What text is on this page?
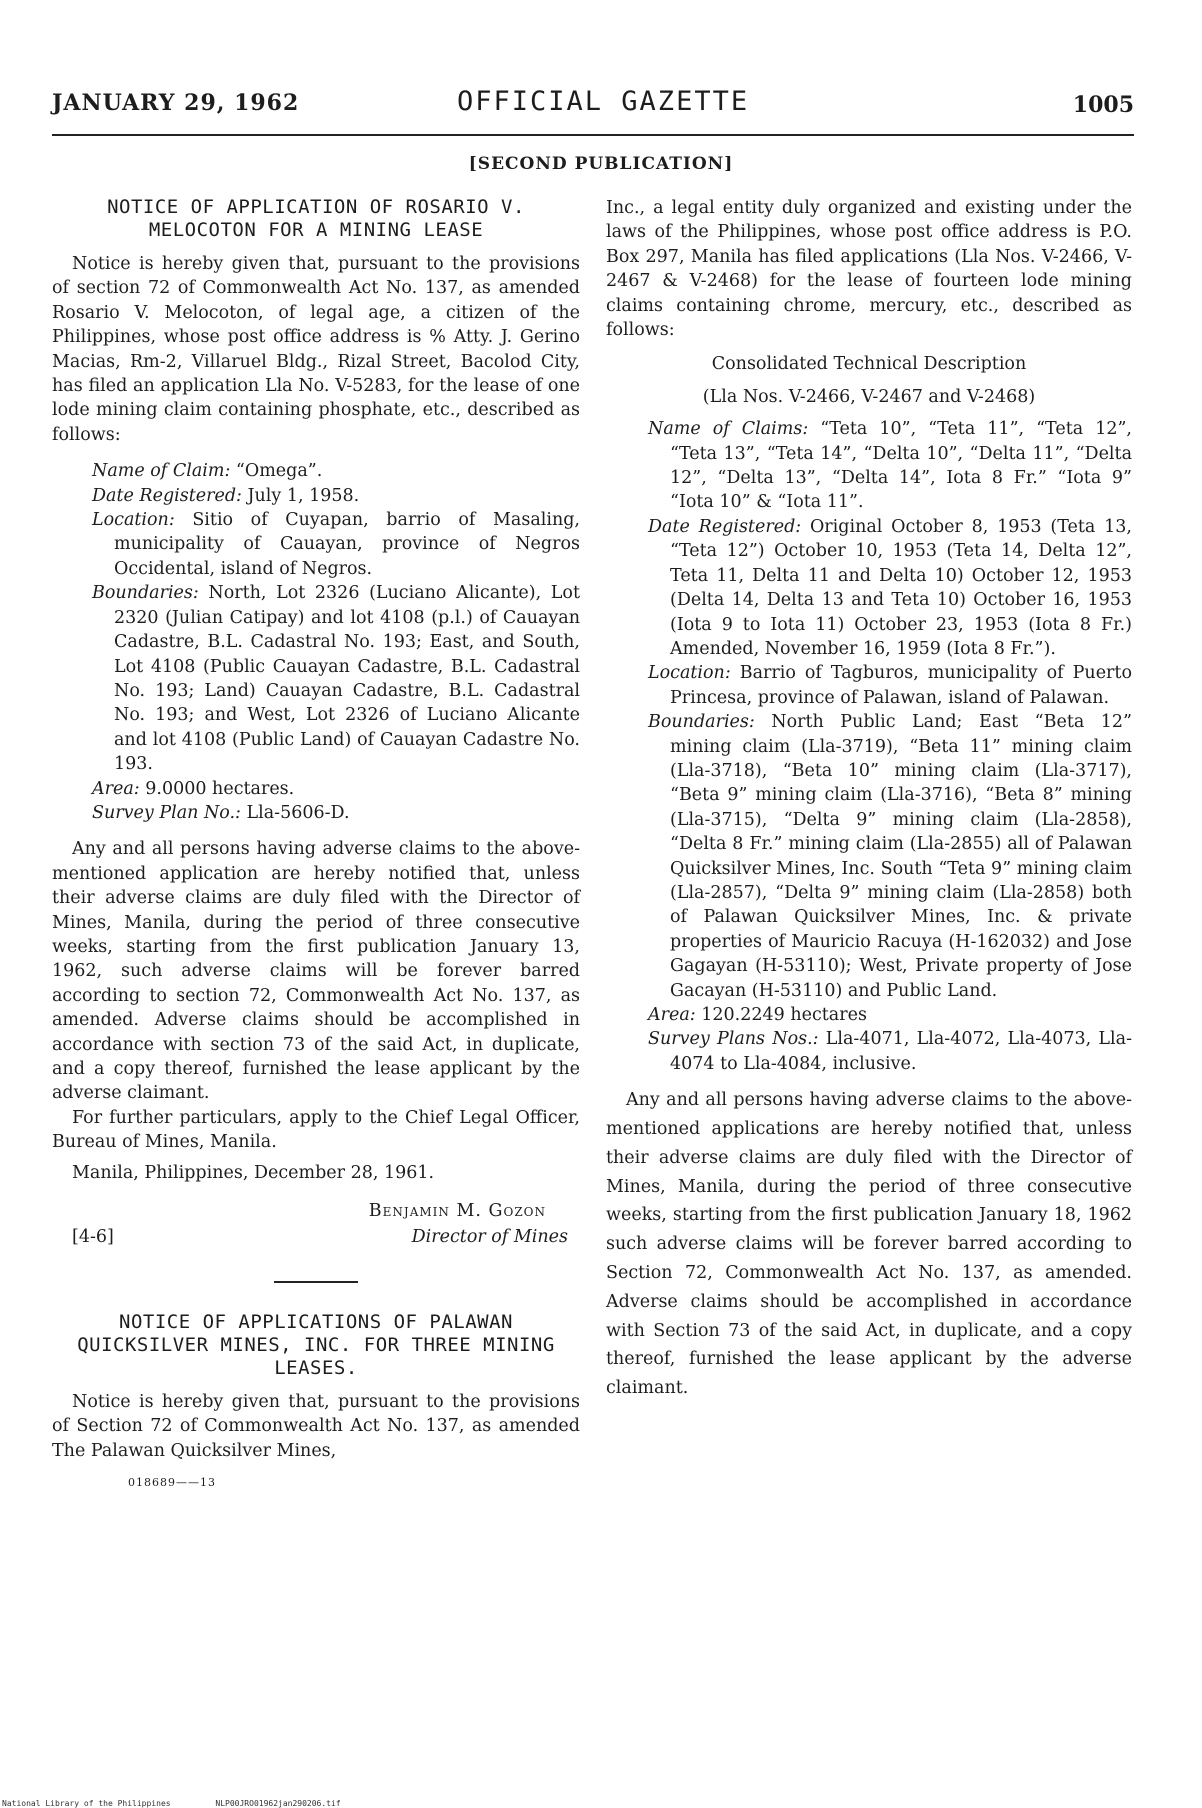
JANUARY 29, 1962	OFFICIAL GAZETTE	1005
[SECOND PUBLICATION]
NOTICE OF APPLICATION OF ROSARIO V. MELOCOTON FOR A MINING LEASE

Notice is hereby given that, pursuant to the provisions of section 72 of Commonwealth Act No. 137, as amended Rosario V. Melocoton, of legal age, a citizen of the Philippines, whose post office address is % Atty. J. Gerino Macias, Rm-2, Villaruel Bldg., Rizal Street, Bacolod City, has filed an application Lla No. V-5283, for the lease of one lode mining claim containing phosphate, etc., described as follows:

Name of Claim: “Omega”.
Date Registered: July 1, 1958.
Location: Sitio of Cuyapan, barrio of Masaling, municipality of Cauayan, province of Negros Occidental, island of Negros.
Boundaries: North, Lot 2326 (Luciano Alicante), Lot 2320 (Julian Catipay) and lot 4108 (p.l.) of Cauayan Cadastre, B.L. Cadastral No. 193; East, and South, Lot 4108 (Public Cauayan Cadastre, B.L. Cadastral No. 193; Land) Cauayan Cadastre, B.L. Cadastral No. 193; and West, Lot 2326 of Luciano Alicante and lot 4108 (Public Land) of Cauayan Cadastre No. 193.
Area: 9.0000 hectares.
Survey Plan No.: Lla-5606-D.

Any and all persons having adverse claims to the above-mentioned application are hereby notified that, unless their adverse claims are duly filed with the Director of Mines, Manila, during the period of three consecutive weeks, starting from the first publication January 13, 1962, such adverse claims will be forever barred according to section 72, Commonwealth Act No. 137, as amended. Adverse claims should be accomplished in accordance with section 73 of the said Act, in duplicate, and a copy thereof, furnished the lease applicant by the adverse claimant.

For further particulars, apply to the Chief Legal Officer, Bureau of Mines, Manila.

Manila, Philippines, December 28, 1961.

Benjamin M. Gozon
[4-6]	Director of Mines
NOTICE OF APPLICATIONS OF PALAWAN QUICKSILVER MINES, INC. FOR THREE MINING LEASES.

Notice is hereby given that, pursuant to the provisions of Section 72 of Commonwealth Act No. 137, as amended The Palawan Quicksilver Mines,

018689——13

Inc., a legal entity duly organized and existing under the laws of the Philippines, whose post office address is P.O. Box 297, Manila has filed applications (Lla Nos. V-2466, V-2467 & V-2468) for the lease of fourteen lode mining claims containing chrome, mercury, etc., described as follows:

Consolidated Technical Description

(Lla Nos. V-2466, V-2467 and V-2468)

Name of Claims: “Teta 10”, “Teta 11”, “Teta 12”, “Teta 13”, “Teta 14”, “Delta 10”, “Delta 11”, “Delta 12”, “Delta 13”, “Delta 14”, Iota 8 Fr.” “Iota 9” “Iota 10” & “Iota 11”.
Date Registered: Original October 8, 1953 (Teta 13, “Teta 12”) October 10, 1953 (Teta 14, Delta 12”, Teta 11, Delta 11 and Delta 10) October 12, 1953 (Delta 14, Delta 13 and Teta 10) October 16, 1953 (Iota 9 to Iota 11) October 23, 1953 (Iota 8 Fr.) Amended, November 16, 1959 (Iota 8 Fr.”).
Location: Barrio of Tagburos, municipality of Puerto Princesa, province of Palawan, island of Palawan.
Boundaries: North Public Land; East “Beta 12” mining claim (Lla-3719), “Beta 11” mining claim (Lla-3718), “Beta 10” mining claim (Lla-3717), “Beta 9” mining claim (Lla-3716), “Beta 8” mining (Lla-3715), “Delta 9” mining claim (Lla-2858), “Delta 8 Fr.” mining claim (Lla-2855) all of Palawan Quicksilver Mines, Inc. South “Teta 9” mining claim (Lla-2857), “Delta 9” mining claim (Lla-2858) both of Palawan Quicksilver Mines, Inc. & private properties of Mauricio Racuya (H-162032) and Jose Gagayan (H-53110); West, Private property of Jose Gacayan (H-53110) and Public Land.
Area: 120.2249 hectares
Survey Plans Nos.: Lla-4071, Lla-4072, Lla-4073, Lla-4074 to Lla-4084, inclusive.

Any and all persons having adverse claims to the above-mentioned applications are hereby notified that, unless their adverse claims are duly filed with the Director of Mines, Manila, during the period of three consecutive weeks, starting from the first publication January 18, 1962 such adverse claims will be forever barred according to Section 72, Commonwealth Act No. 137, as amended. Adverse claims should be accomplished in accordance with Section 73 of the said Act, in duplicate, and a copy thereof, furnished the lease applicant by the adverse claimant.

National Library of the Philippines	NLP00JRO01962jan290206.tif
